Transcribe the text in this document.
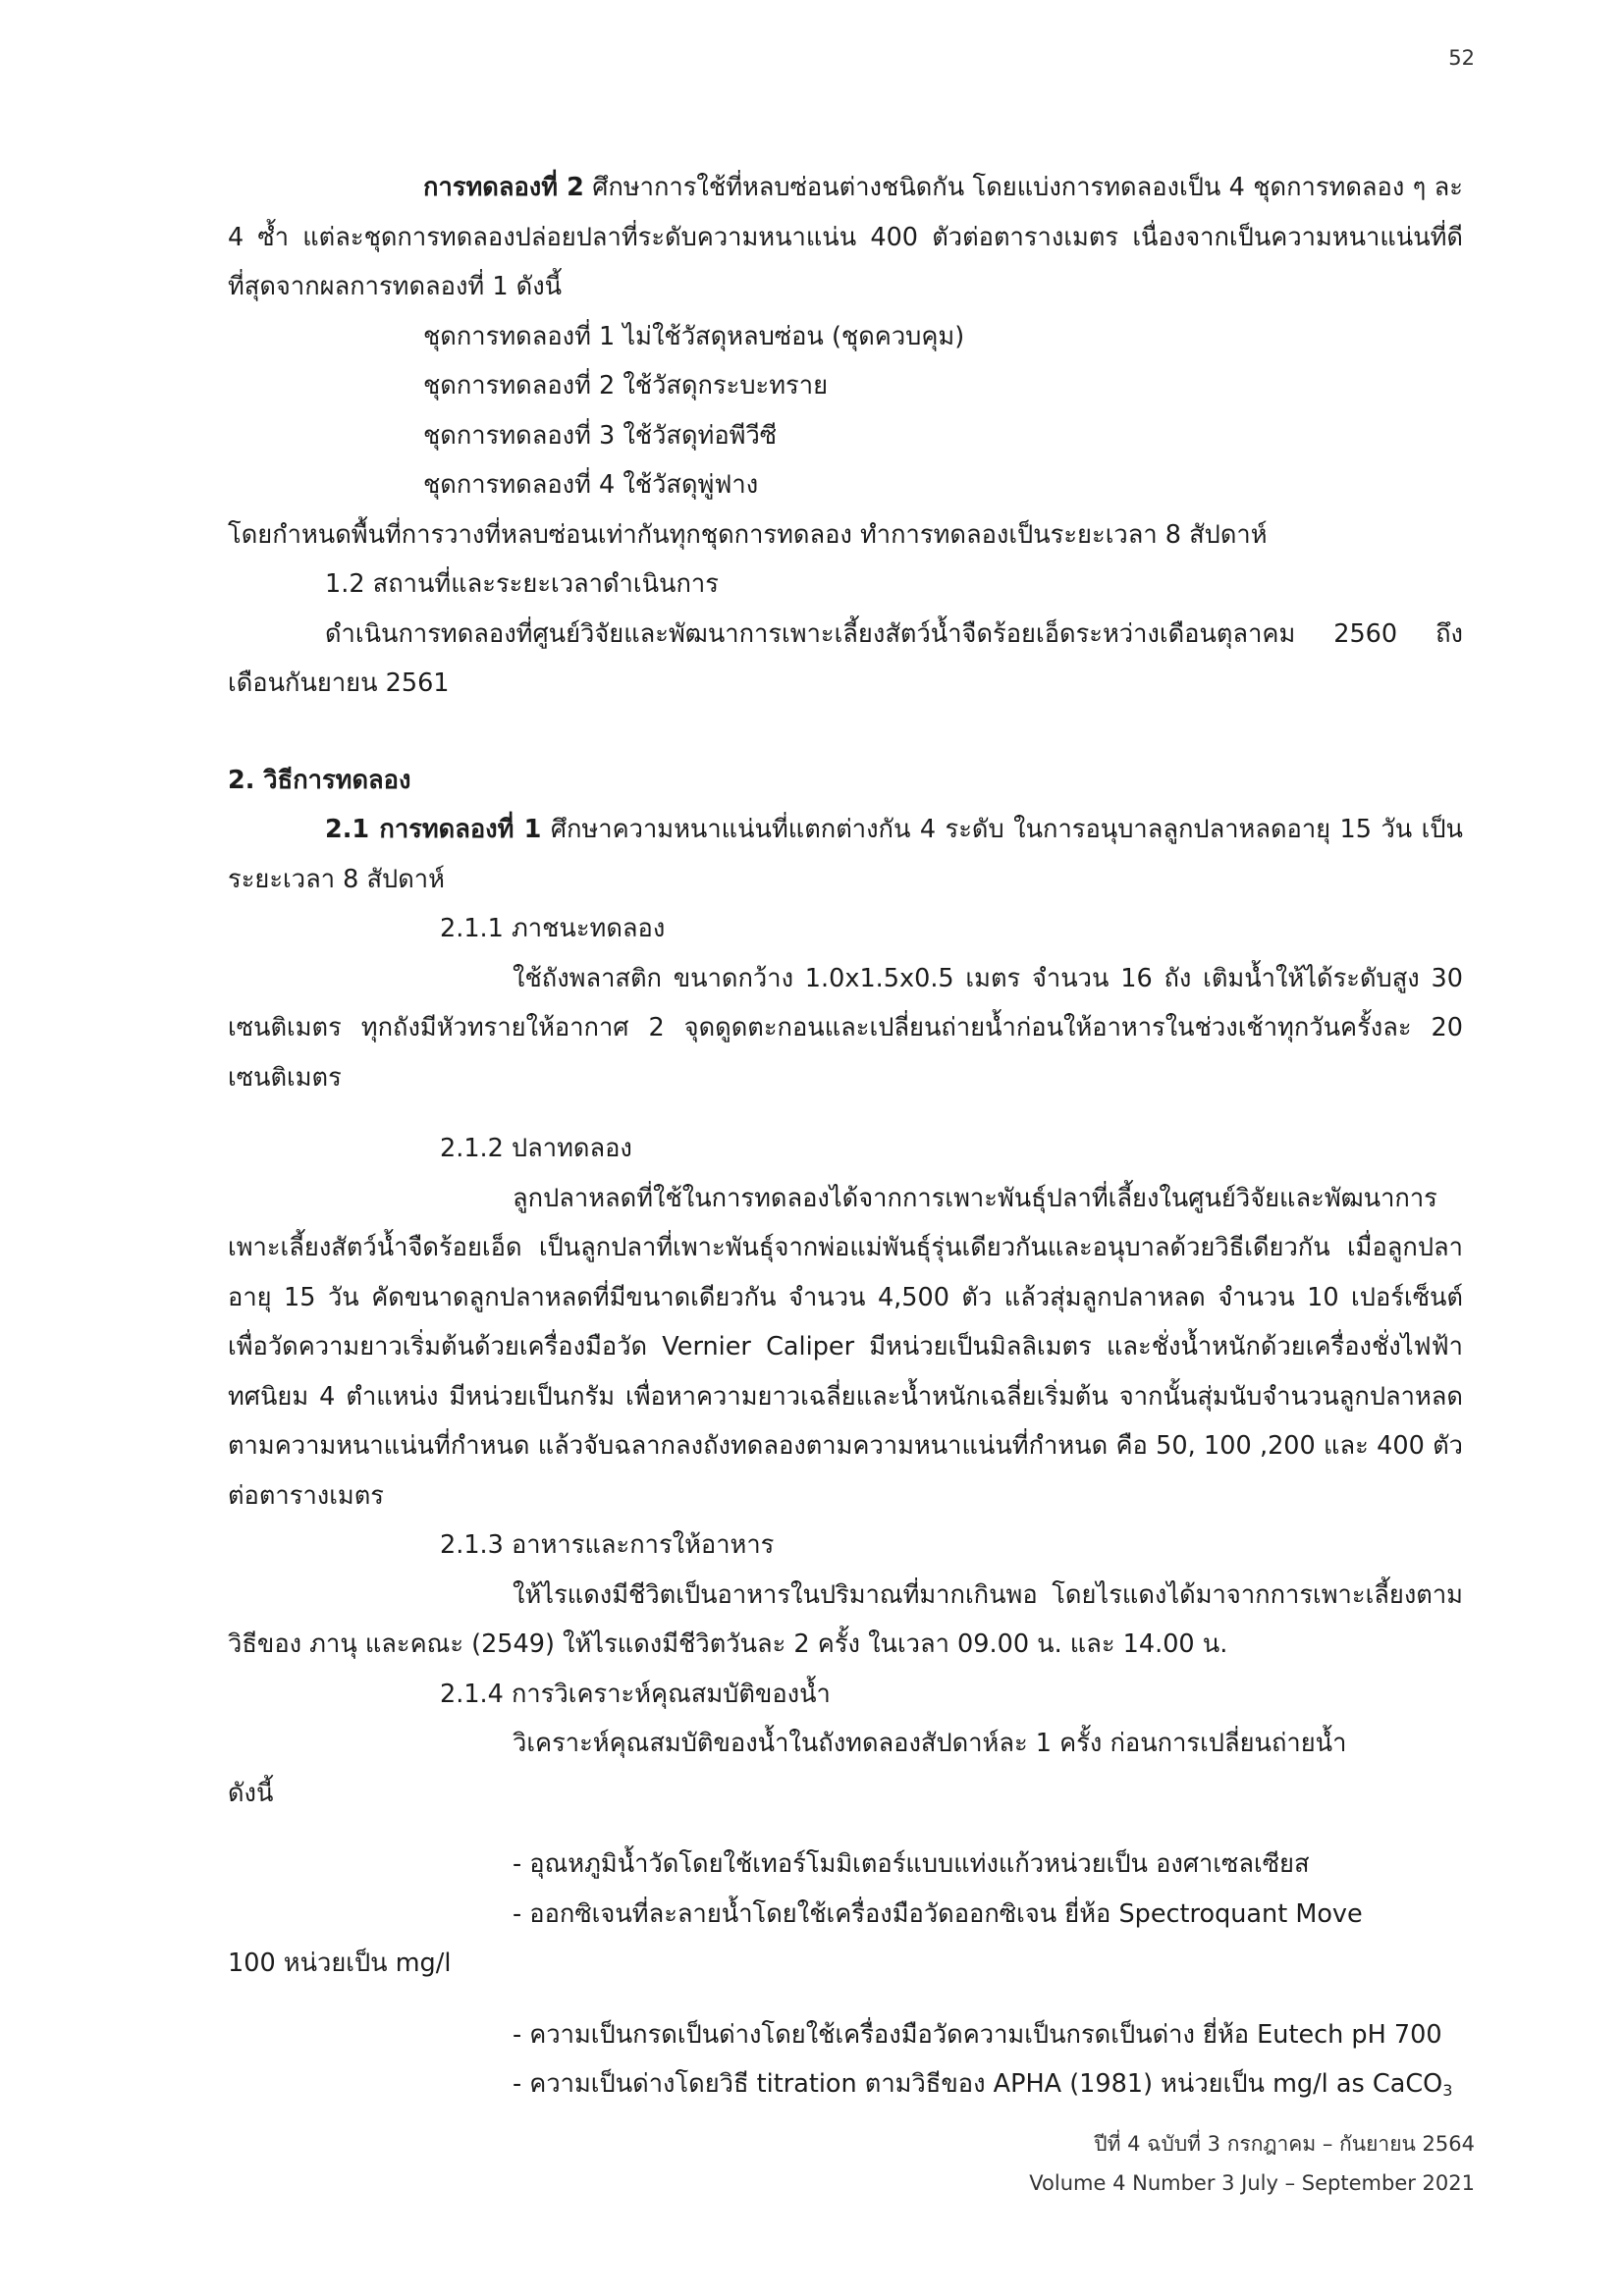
52

การทดลองที่ 2 ศึกษาการใช้ที่หลบซ่อนต่างชนิดกัน โดยแบ่งการทดลองเป็น 4 ชุดการทดลอง ๆ ละ 4 ซ้ำ แต่ละชุดการทดลองปล่อยปลาที่ระดับความหนาแน่น 400 ตัวต่อตารางเมตร เนื่องจากเป็นความหนาแน่นที่ดีที่สุดจากผลการทดลองที่ 1 ดังนี้

ชุดการทดลองที่ 1 ไม่ใช้วัสดุหลบซ่อน (ชุดควบคุม)

ชุดการทดลองที่ 2 ใช้วัสดุกระบะทราย

ชุดการทดลองที่ 3 ใช้วัสดุท่อพีวีซี

ชุดการทดลองที่ 4 ใช้วัสดุพู่ฟาง

โดยกำหนดพื้นที่การวางที่หลบซ่อนเท่ากันทุกชุดการทดลอง ทำการทดลองเป็นระยะเวลา 8 สัปดาห์

1.2 สถานที่และระยะเวลาดำเนินการ

ดำเนินการทดลองที่ศูนย์วิจัยและพัฒนาการเพาะเลี้ยงสัตว์น้ำจืดร้อยเอ็ดระหว่างเดือนตุลาคม 2560 ถึง เดือนกันยายน 2561

2. วิธีการทดลอง

2.1 การทดลองที่ 1 ศึกษาความหนาแน่นที่แตกต่างกัน 4 ระดับ ในการอนุบาลลูกปลาหลดอายุ 15 วัน เป็นระยะเวลา 8 สัปดาห์

2.1.1 ภาชนะทดลอง

ใช้ถังพลาสติก ขนาดกว้าง 1.0x1.5x0.5 เมตร จำนวน 16 ถัง เติมน้ำให้ได้ระดับสูง 30 เซนติเมตร ทุกถังมีหัวทรายให้อากาศ 2 จุดดูดตะกอนและเปลี่ยนถ่ายน้ำก่อนให้อาหารในช่วงเช้าทุกวันครั้งละ 20 เซนติเมตร

2.1.2 ปลาทดลอง

ลูกปลาหลดที่ใช้ในการทดลองได้จากการเพาะพันธุ์ปลาที่เลี้ยงในศูนย์วิจัยและพัฒนาการเพาะเลี้ยงสัตว์น้ำจืดร้อยเอ็ด เป็นลูกปลาที่เพาะพันธุ์จากพ่อแม่พันธุ์รุ่นเดียวกันและอนุบาลด้วยวิธีเดียวกัน เมื่อลูกปลาอายุ 15 วัน คัดขนาดลูกปลาหลดที่มีขนาดเดียวกัน จำนวน 4,500 ตัว แล้วสุ่มลูกปลาหลด จำนวน 10 เปอร์เซ็นต์ เพื่อวัดความยาวเริ่มต้นด้วยเครื่องมือวัด Vernier Caliper มีหน่วยเป็นมิลลิเมตร และชั่งน้ำหนักด้วยเครื่องชั่งไฟฟ้าทศนิยม 4 ตำแหน่ง มีหน่วยเป็นกรัม เพื่อหาความยาวเฉลี่ยและน้ำหนักเฉลี่ยเริ่มต้น จากนั้นสุ่มนับจำนวนลูกปลาหลดตามความหนาแน่นที่กำหนด แล้วจับฉลากลงถังทดลองตามความหนาแน่นที่กำหนด คือ 50, 100 ,200 และ 400 ตัวต่อตารางเมตร

2.1.3 อาหารและการให้อาหาร

ให้ไรแดงมีชีวิตเป็นอาหารในปริมาณที่มากเกินพอ โดยไรแดงได้มาจากการเพาะเลี้ยงตามวิธีของ ภานุ และคณะ (2549) ให้ไรแดงมีชีวิตวันละ 2 ครั้ง ในเวลา 09.00 น. และ 14.00 น.

2.1.4 การวิเคราะห์คุณสมบัติของน้ำ

วิเคราะห์คุณสมบัติของน้ำในถังทดลองสัปดาห์ละ 1 ครั้ง ก่อนการเปลี่ยนถ่ายน้ำ

ดังนี้

- อุณหภูมิน้ำวัดโดยใช้เทอร์โมมิเตอร์แบบแท่งแก้วหน่วยเป็น องศาเซลเซียส

- ออกซิเจนที่ละลายน้ำโดยใช้เครื่องมือวัดออกซิเจน ยี่ห้อ Spectroquant Move

100 หน่วยเป็น mg/l

- ความเป็นกรดเป็นด่างโดยใช้เครื่องมือวัดความเป็นกรดเป็นด่าง ยี่ห้อ Eutech pH 700

- ความเป็นด่างโดยวิธี titration ตามวิธีของ APHA (1981) หน่วยเป็น mg/l as CaCO$_3$

ปีที่ 4 ฉบับที่ 3 กรกฎาคม – กันยายน 2564
Volume 4 Number 3 July – September 2021
